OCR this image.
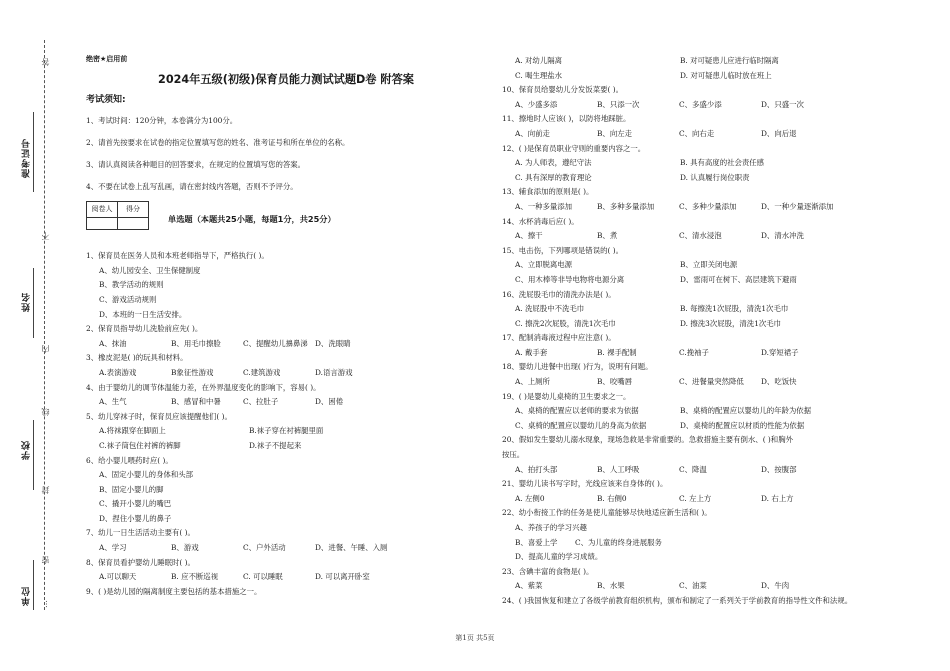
准考证号
姓名
学校
单位
答
不
内
线
封
密
…
绝密★启用前
2024年五级(初级)保育员能力测试试题D卷 附答案
考试须知:
1、考试时间：120分钟，本卷满分为100分。
2、请首先按要求在试卷的指定位置填写您的姓名、准考证号和所在单位的名称。
3、请认真阅读各种题目的回答要求，在规定的位置填写您的答案。
4、不要在试卷上乱写乱画，请在密封线内答题，否则不予评分。
阅卷人	得分

单选题（本题共25小题，每题1分，共25分）
1、保育员在医务人员和本班老师指导下，严格执行( )。
A、幼儿园安全、卫生保健制度
B、教学活动的规则
C、游戏活动规则
D、本班的一日生活安排。
2、保育员指导幼儿洗脸前应先( )。
A、抹油	B、用毛巾擦脸	C、提醒幼儿擤鼻涕 D、洗眼睛
3、橡皮泥是( )的玩具和材料。
A.表演游戏	B象征性游戏	C.建筑游戏	D.语言游戏
4、由于婴幼儿的调节体温能力差，在外界温度变化的影响下，容易( )。
A、生气	B、感冒和中暑	C、拉肚子	D、困倦
5、幼儿穿袜子时，保育员应该提醒他们( )。
A.将袜跟穿在脚面上	B.袜子穿在衬裤腿里面
C.袜子筒包住衬裤的裤脚	D.袜子不提起来
6、给小婴儿喂药时应( )。
A、固定小婴儿的身体和头部
B、固定小婴儿的脚
C、撬开小婴儿的嘴巴
D、捏住小婴儿的鼻子
7、幼儿一日生活活动主要有( )。
A、学习	B、游戏	C、户外活动	D、进餐、午睡、入厕
8、保育员看护婴幼儿睡眠时( )。
A.可以聊天	B. 应不断巡视	C. 可以睡眠	D. 可以离开卧室
9、( )是幼儿园的隔离制度主要包括的基本措施之一。
A. 对幼儿隔离	B. 对可疑患儿应进行临时隔离
C. 喝生理盐水	D. 对可疑患儿临时放在班上
10、保育员给婴幼儿分发饭菜要( )。
A、少盛多添	B、只添一次	C、多盛少添	D、只盛一次
11、擦地时人应该( )，以防将地踩脏。
A、向前走	B、向左走	C、向右走	D、向后退
12、( )是保育员职业守则的重要内容之一。
A. 为人师表，遵纪守法	B. 具有高度的社会责任感
C. 具有深厚的教育理论	D. 认真履行岗位职责
13、辅食添加的原则是( )。
A、一种多量添加	B、多种多量添加	C、多种少量添加	D、一种少量逐渐添加
14、水杯消毒后应( )。
A、擦干	B、煮	C、清水浸泡	D、清水冲洗
15、电击伤，下列哪项是错误的( )。
A、立即脱离电源	B、立即关闭电源
C、用木棒等非导电物将电源分离	D、雷雨可在树下、高层建筑下避雨
16、洗屁股毛巾的清洗办法是( )。
A. 洗屁股中不洗毛巾	B. 每擦洗1次屁股，清洗1次毛巾
C. 擦洗2次屁股，清洗1次毛巾	D. 擦洗3次屁股，清洗1次毛巾
17、配制消毒液过程中应注意( )。
A. 戴手套	B. 裸手配制	C.挽袖子	D.穿短裙子
18、婴幼儿进餐中出现( )行为，说明有问题。
A、上厕所	B、咬嘴唇	C、进餐量突然降低 D、吃饭快
19、( )是婴幼儿桌椅的卫生要求之一。
A、桌椅的配置应以老师的要求为依据	B、桌椅的配置应以婴幼儿的年龄为依据
C、桌椅的配置应以婴幼儿的身高为依据	D、桌椅的配置应以材质的性能为依据
20、假如发生婴幼儿溺水现象，现场急救是非常重要的。急救措施主要有倒水、( )和胸外
按压。
A、拍打头部	B、人工呼吸	C、降温	D、按腹部
21、婴幼儿读书写字时，光线应该来自身体的( )。
A. 左侧0	B. 右侧0	C. 左上方	D. 右上方
22、幼小衔接工作的任务是使儿童能够尽快地适应新生活和( )。
A、养孩子的学习兴趣
B、喜爱上学 C、为儿童的终身进展服务
D、提高儿童的学习成绩。
23、含碘丰富的食物是( )。
A、紫菜	B、水果	C、油菜	D、牛肉
24、( )我国恢复和建立了各级学前教育组织机构，颁布和制定了一系列关于学前教育的指导性文件和法规。
第1页 共5页
